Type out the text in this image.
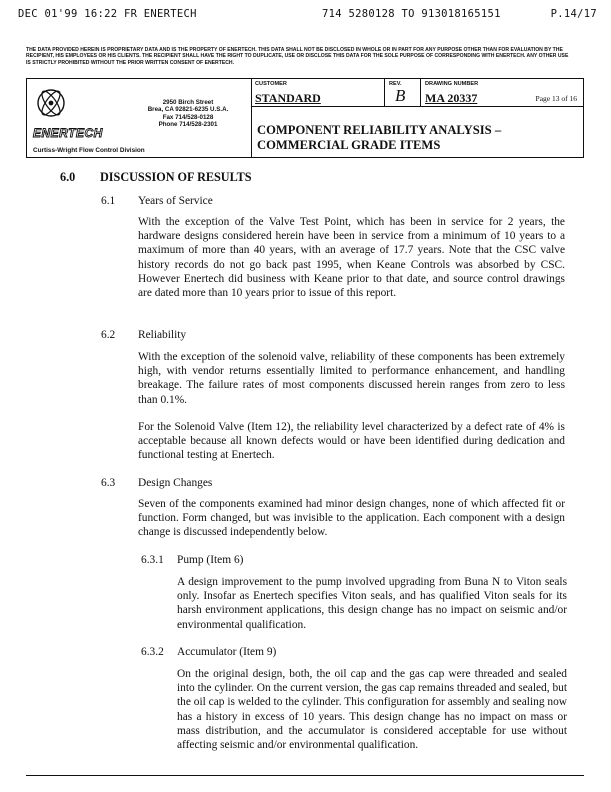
DEC 01'99 16:22 FR ENERTECH	714 5280128 TO 913018165151	P.14/17
THE DATA PROVIDED HEREIN IS PROPRIETARY DATA AND IS THE PROPERTY OF ENERTECH. THIS DATA SHALL NOT BE DISCLOSED IN WHOLE OR IN PART FOR ANY PURPOSE OTHER THAN FOR EVALUATION BY THE RECIPIENT, HIS EMPLOYEES OR HIS CLIENTS. THE RECIPIENT SHALL HAVE THE RIGHT TO DUPLICATE, USE OR DISCLOSE THIS DATA FOR THE SOLE PURPOSE OF CORRESPONDING WITH ENERTECH. ANY OTHER USE IS STRICTLY PROHIBITED WITHOUT THE PRIOR WRITTEN CONSENT OF ENERTECH.
ENERTECH
2950 Birch Street
Brea, CA 92821-6235 U.S.A.
Fax 714/528-0128
Phone 714/528-2301
Curtiss-Wright Flow Control Division
CUSTOMER
STANDARD
REV.
B
DRAWING NUMBER
MA 20337	Page 13 of 16
COMPONENT RELIABILITY ANALYSIS –
COMMERCIAL GRADE ITEMS
6.0 DISCUSSION OF RESULTS
6.1 Years of Service
With the exception of the Valve Test Point, which has been in service for 2 years, the hardware designs considered herein have been in service from a minimum of 10 years to a maximum of more than 40 years, with an average of 17.7 years. Note that the CSC valve history records do not go back past 1995, when Keane Controls was absorbed by CSC. However Enertech did business with Keane prior to that date, and source control drawings are dated more than 10 years prior to issue of this report.
6.2 Reliability
With the exception of the solenoid valve, reliability of these components has been extremely high, with vendor returns essentially limited to performance enhancement, and handling breakage. The failure rates of most components discussed herein ranges from zero to less than 0.1%.
For the Solenoid Valve (Item 12), the reliability level characterized by a defect rate of 4% is acceptable because all known defects would or have been identified during dedication and functional testing at Enertech.
6.3 Design Changes
Seven of the components examined had minor design changes, none of which affected fit or function. Form changed, but was invisible to the application. Each component with a design change is discussed independently below.
6.3.1 Pump (Item 6)
A design improvement to the pump involved upgrading from Buna N to Viton seals only. Insofar as Enertech specifies Viton seals, and has qualified Viton seals for its harsh environment applications, this design change has no impact on seismic and/or environmental qualification.
6.3.2 Accumulator (Item 9)
On the original design, both, the oil cap and the gas cap were threaded and sealed into the cylinder. On the current version, the gas cap remains threaded and sealed, but the oil cap is welded to the cylinder. This configuration for assembly and sealing now has a history in excess of 10 years. This design change has no impact on mass or mass distribution, and the accumulator is considered acceptable for use without affecting seismic and/or environmental qualification.
